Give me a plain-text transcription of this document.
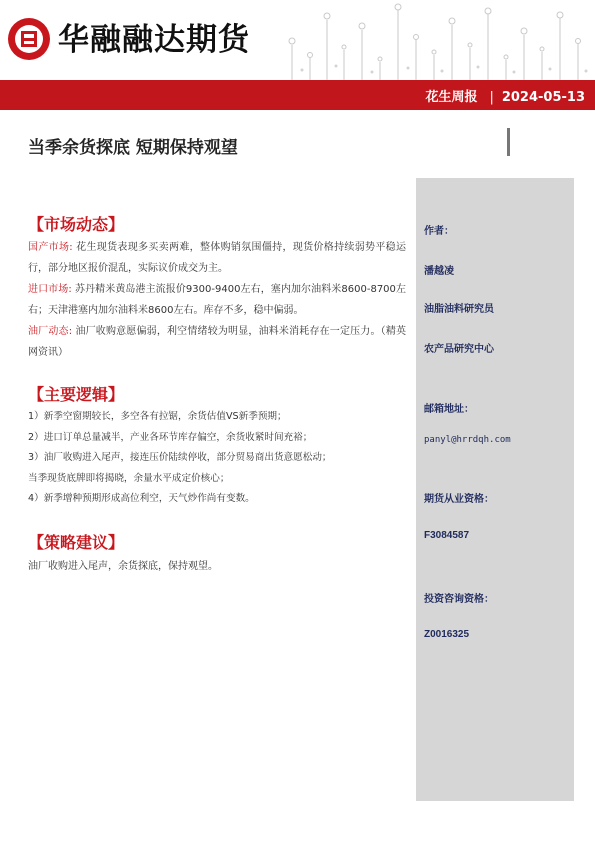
华融融达期货
花生周报 | 2024-05-13
当季余货探底 短期保持观望
【市场动态】

国产市场: 花生现货表现多买卖两难，整体购销氛围僵持，现货价格持续弱势平稳运行，部分地区报价混乱，实际议价成交为主。

进口市场: 苏丹精米黄岛港主流报价9300-9400左右，塞内加尔油料米8600-8700左右；天津港塞内加尔油料米8600左右。库存不多，稳中偏弱。

油厂动态: 油厂收购意愿偏弱，利空情绪较为明显，油料米消耗存在一定压力。（精英网资讯）

【主要逻辑】
1）新季空窗期较长，多空各有拉锯，余货估值VS新季预期；
2）进口订单总量减半，产业各环节库存偏空，余货收紧时间充裕；
3）油厂收购进入尾声，接连压价陆续停收，部分贸易商出货意愿松动；
当季现货底牌即将揭晓，余量水平成定价核心；
4）新季增种预期形成高位利空，天气炒作尚有变数。
【策略建议】
油厂收购进入尾声，余货探底，保持观望。
作者：
潘越凌
油脂油料研究员
农产品研究中心
邮箱地址：
panyl@hrrdqh.com
期货从业资格：
F3084587
投资咨询资格：
Z0016325
